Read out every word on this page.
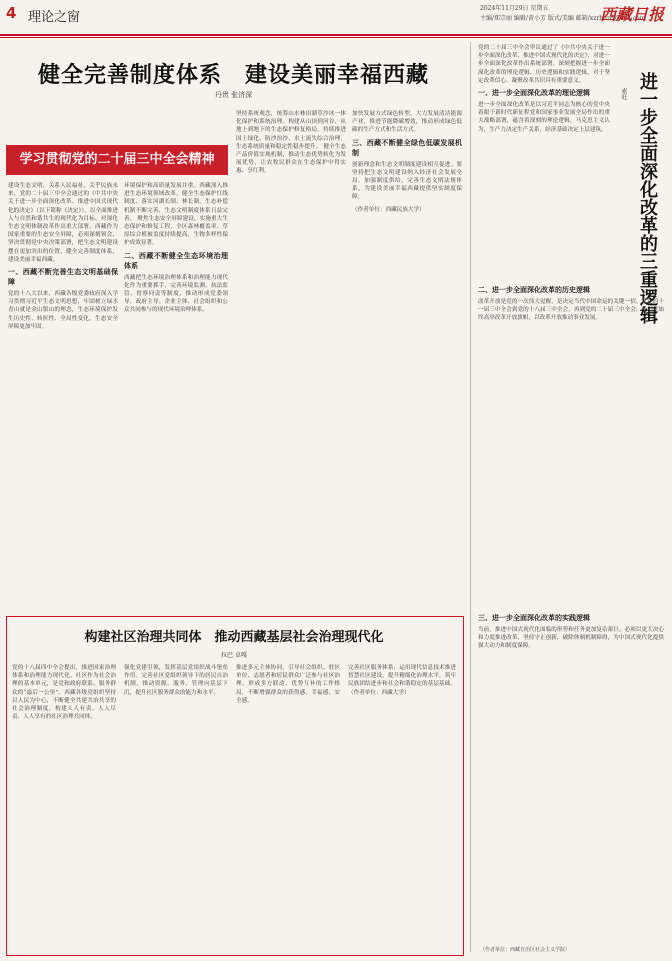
4 理论之窗
2024年11月29日 星期五
主编/郑宗丽 编辑/黄小芳 版式/美编 邮箱/xzrbllzc@163.com
西藏日报
健全完善制度体系　建设美丽幸福西藏
丹贵 张济深
学习贯彻党的二十届三中全会精神
建设生态文明，关系人民福祉，关乎民族未来。党的二十届三中全会通过的《中共中央关于进一步全面深化改革、推进中国式现代化的决定》（以下简称《决定》），以全面推进人与自然和谐共生的现代化为目标，对深化生态文明体制改革作出重大部署。西藏作为国家重要的生态安全屏障，必须深刻领会、坚决贯彻党中央决策部署，把生态文明建设摆在更加突出的位置，健全完善制度体系，建设美丽幸福西藏。
一、西藏不断完善生态文明基础保障
党的十八大以来，西藏各级党委政府深入学习贯彻习近平生态文明思想，牢固树立绿水青山就是金山银山的理念，生态环境保护发生历史性、转折性、全局性变化，生态安全屏障更加牢固。
环境保护和高质量发展并重。西藏深入推进生态环境领域改革，健全生态保护红线制度、落实河湖长制、林长制，生态补偿机制不断完善，生态文明制度体系日益完善。 聚焦生态安全屏障建设，实施重大生态保护和修复工程，全区森林覆盖率、草原综合植被盖度持续提高，生物多样性保护成效显著。
二、西藏不断健全生态环境治理体系
西藏把生态环境治理体系和治理能力现代化作为重要抓手，完善环境监测、执法监管、督察问责等制度，推动形成党委领导、政府主导、企业主体、社会组织和公众共同参与的现代环境治理体系。
坚持系统观念，统筹山水林田湖草沙冰一体化保护和系统治理。构建从山顶到河谷、从地上到地下的生态保护修复格局，持续推进国土绿化、防沙治沙、水土流失综合治理，生态系统质量和稳定性稳步提升。 健全生态产品价值实现机制，推动生态优势转化为发展优势，让农牧民群众在生态保护中得实惠、享红利。
加快发展方式绿色转型，大力发展清洁能源产业，推进节能降碳增效，推动形成绿色低碳的生产方式和生活方式。
三、西藏不断健全绿色低碳发展机制
创新理念和生态文明制度建设相互促进。要坚持把生态文明建设纳入经济社会发展全局，加强制度供给，完善生态文明法规体系，为建设美丽幸福西藏提供坚实制度保障。
（作者单位：西藏民族大学）
构建社区治理共同体　推动西藏基层社会治理现代化
拉巴 卓嘎
党的十八届四中全会提出，推进国家治理体系和治理能力现代化。社区作为社会治理的基本单元，是党和政府联系、服务群众的“最后一公里”。西藏各级党组织坚持以人民为中心，不断健全共建共治共享的社会治理制度，构建人人有责、人人尽责、人人享有的社区治理共同体。
强化党建引领，发挥基层党组织战斗堡垒作用。完善社区党组织领导下的居民自治机制，推动资源、服务、管理向基层下沉，提升社区服务群众的能力和水平。
推进多元主体协同，引导社会组织、驻区单位、志愿者和居民群众广泛参与社区治理，形成多方联动、优势互补的工作格局，不断增强群众的获得感、幸福感、安全感。
完善社区服务体系，运用现代信息技术推进智慧社区建设，提升精细化治理水平，筑牢民族团结进步和社会和谐稳定的基层基础。（作者单位：西藏大学）
进一步全面深化改革的三重逻辑
索旺
党的二十届三中全会审议通过了《中共中央关于进一步全面深化改革、推进中国式现代化的决定》，对进一步全面深化改革作出系统部署。深刻把握进一步全面深化改革的理论逻辑、历史逻辑和实践逻辑，对于坚定改革信心、凝聚改革共识具有重要意义。
一、进一步全面深化改革的理论逻辑
进一步全面深化改革是以习近平同志为核心的党中央着眼于新时代新征程党和国家事业发展全局作出的重大战略部署，蕴含着深刻的理论逻辑。马克思主义认为，生产力决定生产关系，经济基础决定上层建筑。
二、进一步全面深化改革的历史逻辑
改革开放是党的一次伟大觉醒，是决定当代中国命运的关键一招。从党的十一届三中全会到党的十八届三中全会，再到党的二十届三中全会，我们党始终高举改革开放旗帜，以改革开放推动事业发展。
三、进一步全面深化改革的实践逻辑
当前，推进中国式现代化面临的形势和任务更加复杂艰巨。必须以更大决心和力度推进改革，坚持守正创新，破除体制机制障碍，为中国式现代化提供强大动力和制度保障。
（作者单位：西藏自治区社会主义学院）
